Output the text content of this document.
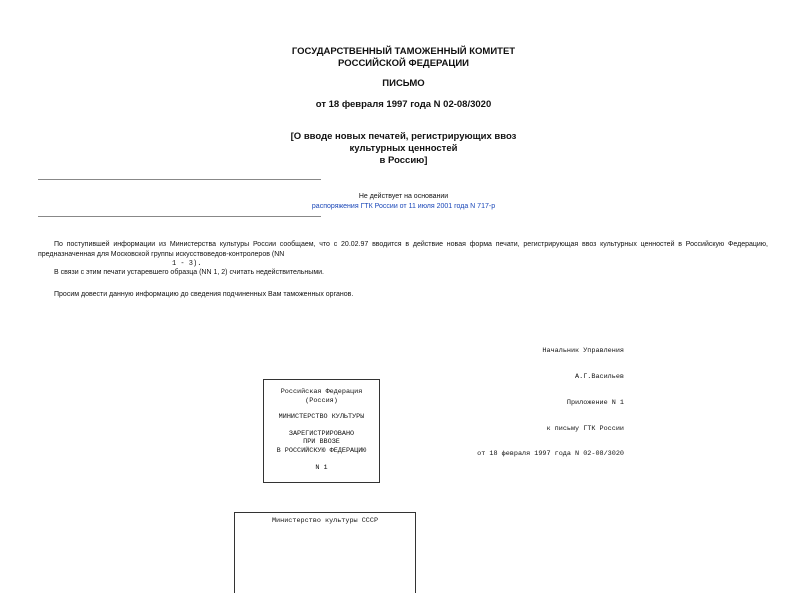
ГОСУДАРСТВЕННЫЙ ТАМОЖЕННЫЙ КОМИТЕТ
РОССИЙСКОЙ ФЕДЕРАЦИИ
ПИСЬМО
от 18 февраля 1997 года N 02-08/3020
[О вводе новых печатей, регистрирующих ввоз
культурных ценностей
в Россию]
Не действует на основании
распоряжения ГТК России от 11 июля 2001 года N 717-р
По поступившей информации из Министерства культуры России сообщаем, что с 20.02.97 вводится в действие новая форма печати, регистрирующая ввоз культурных ценностей в Российскую Федерацию, предназначенная для Московской группы искусствоведов-контролеров (NN
1 - 3).
В связи с этим печати устаревшего образца (NN 1, 2) считать недействительными.
Просим довести данную информацию до сведения подчиненных Вам таможенных органов.

Начальник Управления

А.Г.Васильев

Приложение N 1

к письму ГТК России

от 18 февраля 1997 года N 02-08/3020

Российская Федерация
(Россия)
МИНИСТЕРСТВО КУЛЬТУРЫ
ЗАРЕГИСТРИРОВАНО
ПРИ ВВОЗЕ
В РОССИЙСКУЮ ФЕДЕРАЦИЮ
N 1
Министерство культуры СССР
